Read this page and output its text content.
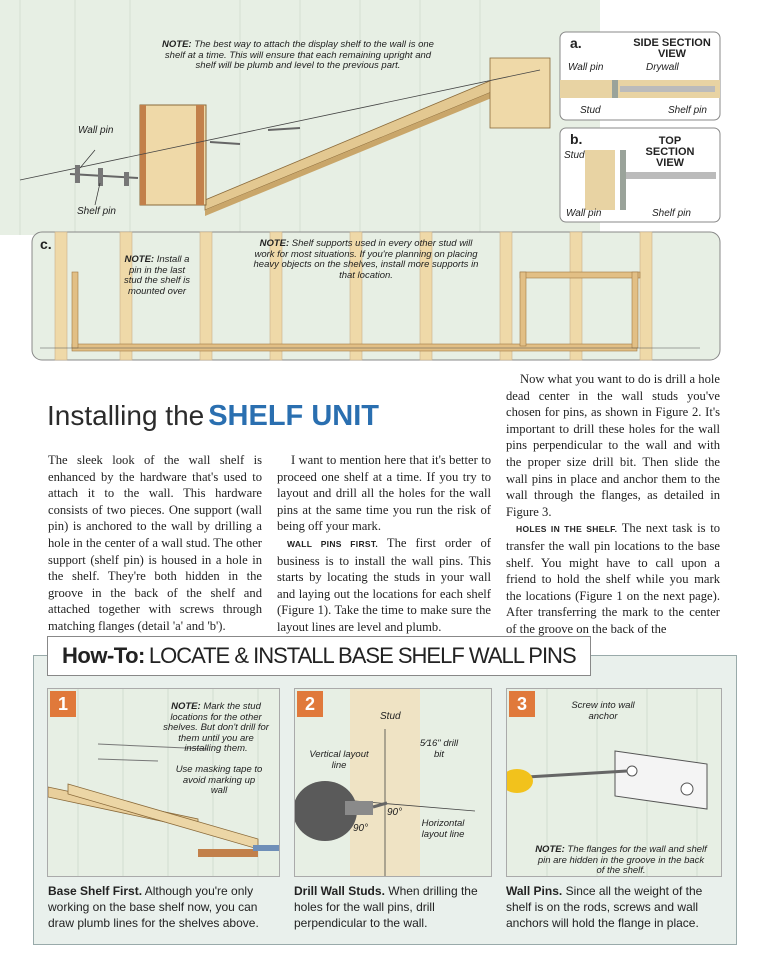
NOTE: The best way to attach the display shelf to the wall is one shelf at a time. This will ensure that each remaining upright and shelf will be plumb and level to the previous part.
Wall pin
Shelf pin
a.	SIDE SECTION VIEW
Wall pin	Drywall
Stud	Shelf pin
b.	TOP SECTION VIEW
Stud
Wall pin	Shelf pin
c.
NOTE: Install a pin in the last stud the shelf is mounted over
NOTE: Shelf supports used in every other stud will work for most situations. If you're planning on placing heavy objects on the shelves, install more supports in that location.
Installing the SHELF UNIT

The sleek look of the wall shelf is enhanced by the hardware that's used to attach it to the wall. This hardware consists of two pieces. One support (wall pin) is anchored to the wall by drilling a hole in the center of a wall stud. The other support (shelf pin) is housed in a hole in the shelf. They're both hidden in the groove in the back of the shelf and attached together with screws through matching flanges (detail 'a' and 'b').

I want to mention here that it's better to proceed one shelf at a time. If you try to layout and drill all the holes for the wall pins at the same time you run the risk of being off your mark.

WALL PINS FIRST. The first order of business is to install the wall pins. This starts by locating the studs in your wall and laying out the locations for each shelf (Figure 1). Take the time to make sure the layout lines are level and plumb.

Now what you want to do is drill a hole dead center in the wall studs you've chosen for pins, as shown in Figure 2. It's important to drill these holes for the wall pins perpendicular to the wall and with the proper size drill bit. Then slide the wall pins in place and anchor them to the wall through the flanges, as detailed in Figure 3.

HOLES IN THE SHELF. The next task is to transfer the wall pin locations to the base shelf. You might have to call upon a friend to hold the shelf while you mark the locations (Figure 1 on the next page). After transferring the mark to the center of the groove on the back of the

How-To: LOCATE & INSTALL BASE SHELF WALL PINS
1	NOTE: Mark the stud locations for the other shelves. But don't drill for them until you are installing them.
Use masking tape to avoid marking up wall
Base Shelf First. Although you're only working on the base shelf now, you can draw plumb lines for the shelves above.
2
Stud
Vertical layout line
5⁄16" drill bit
90°
90°	Horizontal layout line
Drill Wall Studs. When drilling the holes for the wall pins, drill perpendicular to the wall.
3	Screw into wall anchor
NOTE: The flanges for the wall and shelf pin are hidden in the groove in the back of the shelf.
Wall Pins. Since all the weight of the shelf is on the rods, screws and wall anchors will hold the flange in place.
